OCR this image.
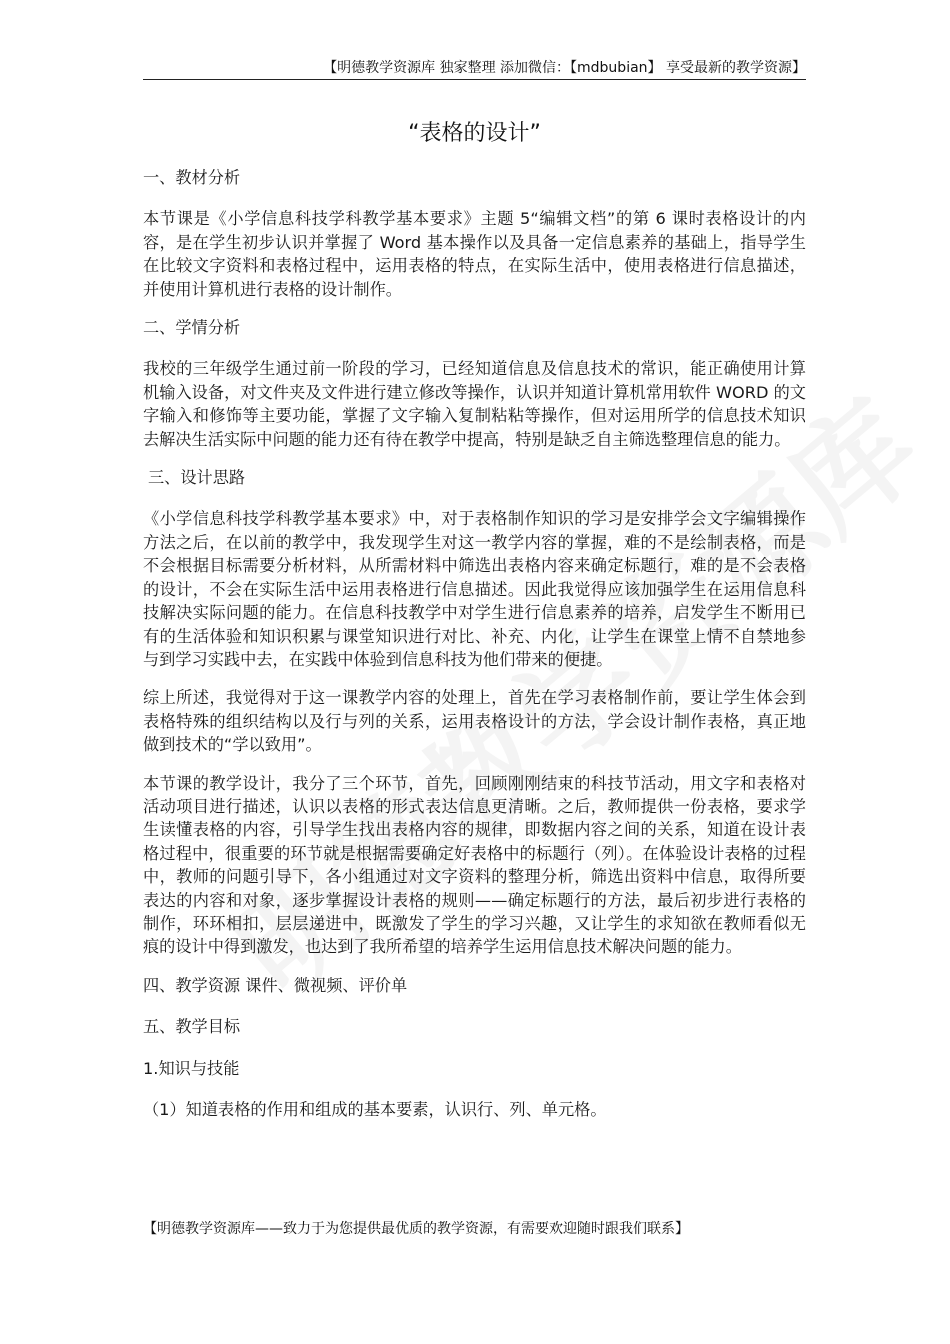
【明德教学资源库 独家整理 添加微信：【mdbubian】 享受最新的教学资源】
“表格的设计”

一、教材分析

本节课是《小学信息科技学科教学基本要求》主题 5“编辑文档”的第 6 课时表格设计的内容，是在学生初步认识并掌握了 Word 基本操作以及具备一定信息素养的基础上，指导学生在比较文字资料和表格过程中，运用表格的特点，在实际生活中，使用表格进行信息描述，并使用计算机进行表格的设计制作。

二、学情分析

我校的三年级学生通过前一阶段的学习，已经知道信息及信息技术的常识，能正确使用计算机输入设备，对文件夹及文件进行建立修改等操作，认识并知道计算机常用软件 WORD 的文字输入和修饰等主要功能，掌握了文字输入复制粘粘等操作，但对运用所学的信息技术知识去解决生活实际中问题的能力还有待在教学中提高，特别是缺乏自主筛选整理信息的能力。

三、设计思路

《小学信息科技学科教学基本要求》中，对于表格制作知识的学习是安排学会文字编辑操作方法之后，在以前的教学中，我发现学生对这一教学内容的掌握，难的不是绘制表格，而是不会根据目标需要分析材料，从所需材料中筛选出表格内容来确定标题行，难的是不会表格的设计，不会在实际生活中运用表格进行信息描述。因此我觉得应该加强学生在运用信息科技解决实际问题的能力。在信息科技教学中对学生进行信息素养的培养，启发学生不断用已有的生活体验和知识积累与课堂知识进行对比、补充、内化，让学生在课堂上情不自禁地参与到学习实践中去，在实践中体验到信息科技为他们带来的便捷。

综上所述，我觉得对于这一课教学内容的处理上，首先在学习表格制作前，要让学生体会到表格特殊的组织结构以及行与列的关系，运用表格设计的方法，学会设计制作表格，真正地做到技术的“学以致用”。

本节课的教学设计，我分了三个环节，首先，回顾刚刚结束的科技节活动，用文字和表格对活动项目进行描述，认识以表格的形式表达信息更清晰。之后，教师提供一份表格，要求学生读懂表格的内容，引导学生找出表格内容的规律，即数据内容之间的关系，知道在设计表格过程中，很重要的环节就是根据需要确定好表格中的标题行（列）。在体验设计表格的过程中，教师的问题引导下，各小组通过对文字资料的整理分析，筛选出资料中信息，取得所要表达的内容和对象，逐步掌握设计表格的规则——确定标题行的方法，最后初步进行表格的制作，环环相扣，层层递进中，既激发了学生的学习兴趣，又让学生的求知欲在教师看似无痕的设计中得到激发，也达到了我所希望的培养学生运用信息技术解决问题的能力。

四、教学资源 课件、微视频、评价单

五、教学目标

1.知识与技能

（1）知道表格的作用和组成的基本要素，认识行、列、单元格。

【明德教学资源库——致力于为您提供最优质的教学资源，有需要欢迎随时跟我们联系】
